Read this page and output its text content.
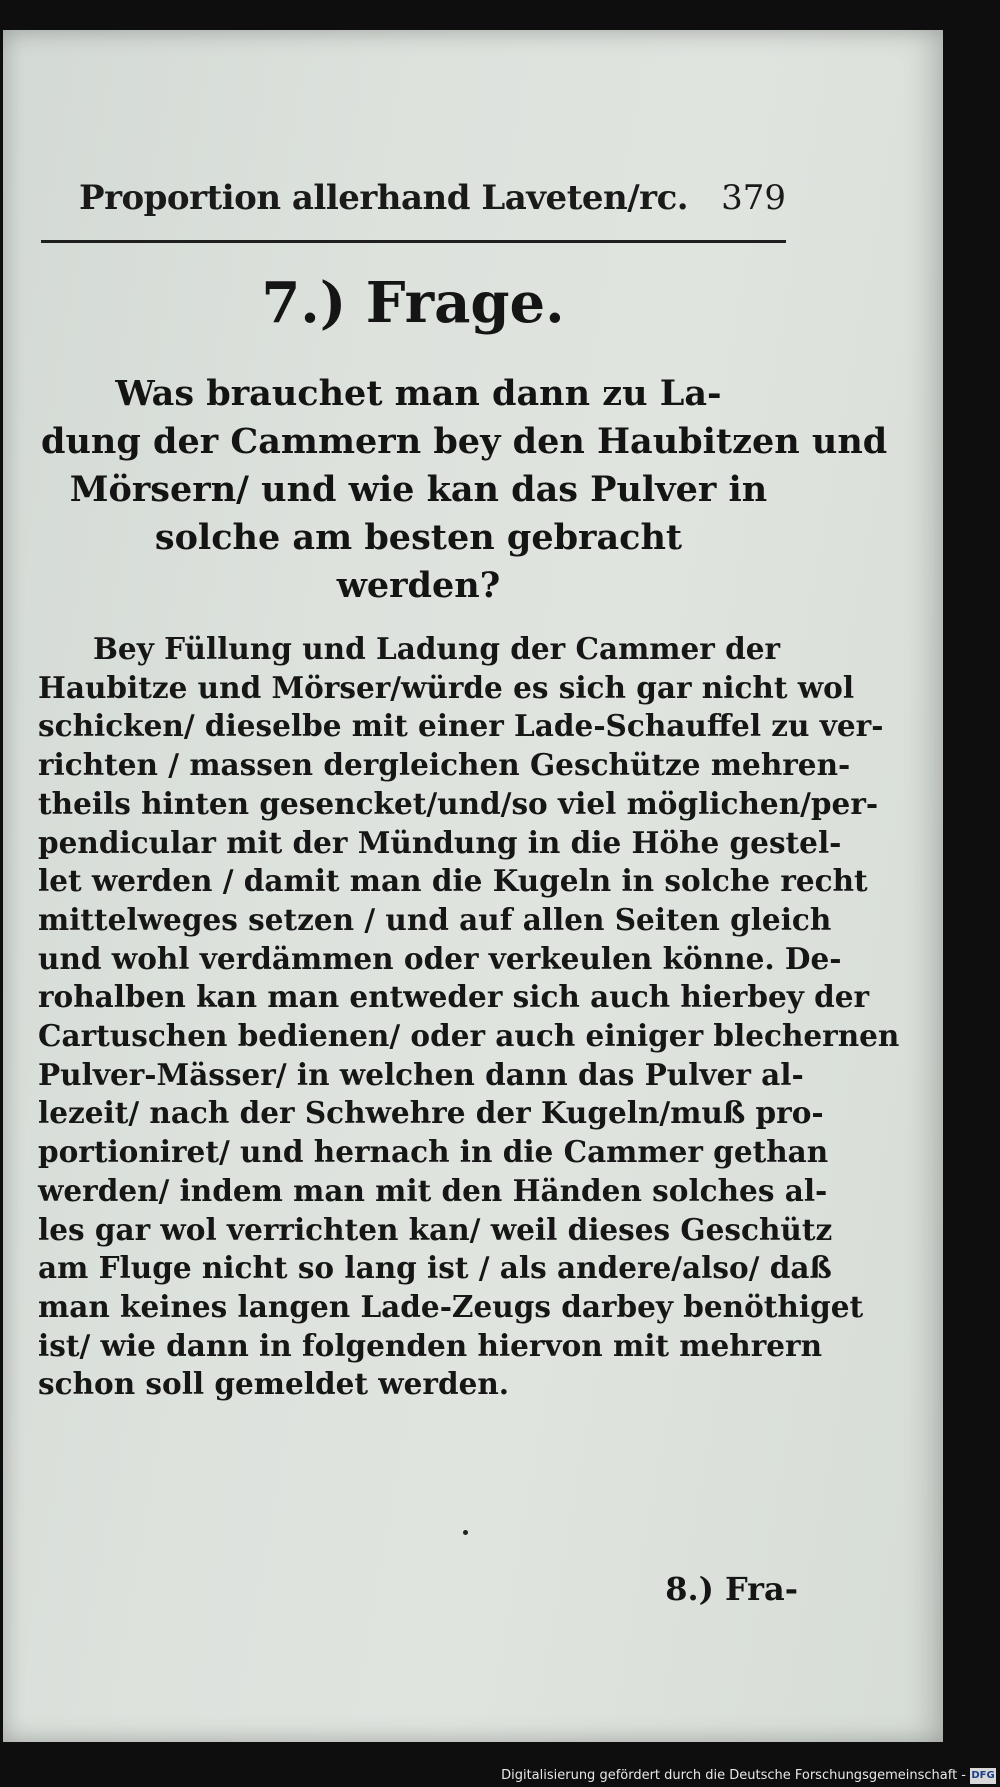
Proportion allerhand Laveten/rc. 379
7.) Frage.
Was brauchet man dann zu La-
dung der Cammern bey den Haubitzen und
Mörsern/ und wie kan das Pulver in
solche am besten gebracht
werden?
Bey Füllung und Ladung der Cammer der
Haubitze und Mörser/würde es sich gar nicht wol
schicken/ dieselbe mit einer Lade-Schauffel zu ver-
richten / massen dergleichen Geschütze mehren-
theils hinten gesencket/und/so viel möglichen/per-
pendicular mit der Mündung in die Höhe gestel-
let werden / damit man die Kugeln in solche recht
mittelweges setzen / und auf allen Seiten gleich
und wohl verdämmen oder verkeulen könne. De-
rohalben kan man entweder sich auch hierbey der
Cartuschen bedienen/ oder auch einiger blechernen
Pulver-Mässer/ in welchen dann das Pulver al-
lezeit/ nach der Schwehre der Kugeln/muß pro-
portioniret/ und hernach in die Cammer gethan
werden/ indem man mit den Händen solches al-
les gar wol verrichten kan/ weil dieses Geschütz
am Fluge nicht so lang ist / als andere/also/ daß
man keines langen Lade-Zeugs darbey benöthiget
ist/ wie dann in folgenden hiervon mit mehrern
schon soll gemeldet werden.
8.) Fra-
Digitalisierung gefördert durch die Deutsche Forschungsgemeinschaft - DFG
